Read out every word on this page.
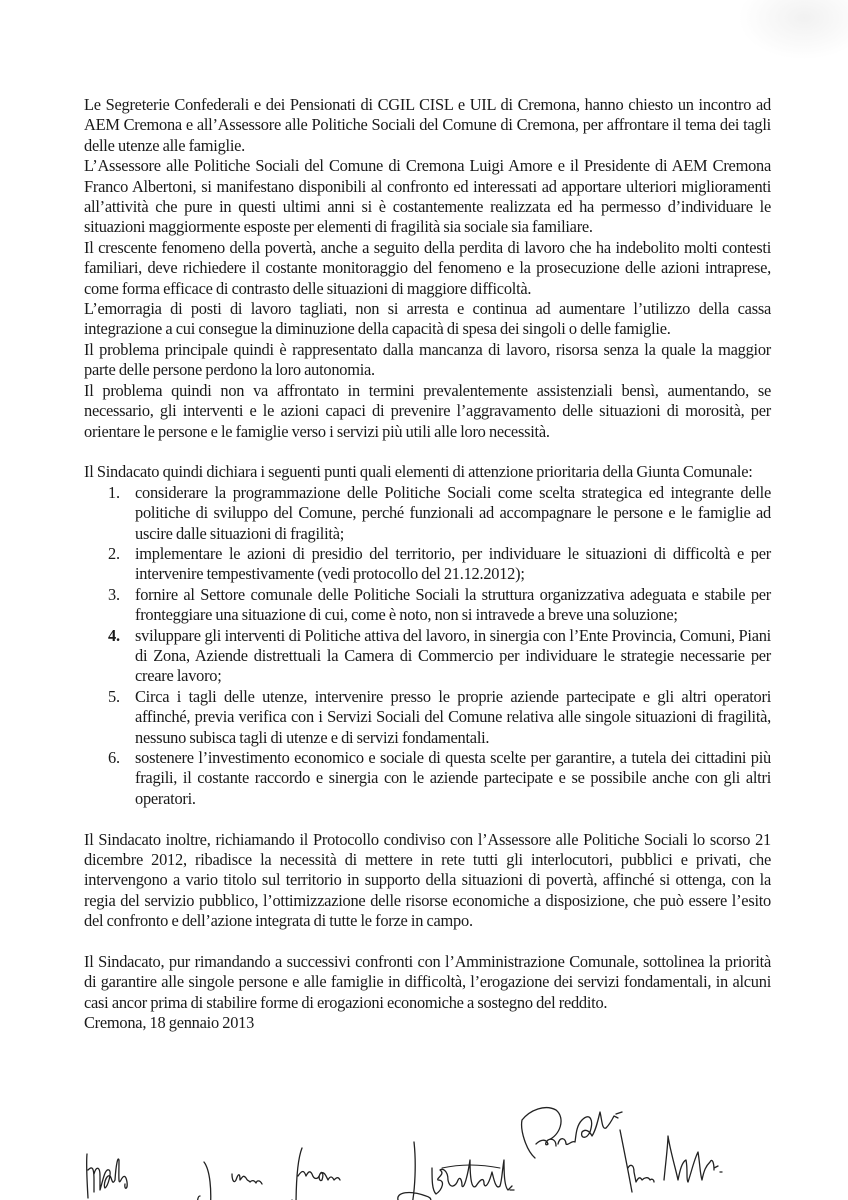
Le Segreterie Confederali e dei Pensionati di CGIL CISL e UIL di Cremona, hanno chiesto un incontro ad AEM Cremona e all’Assessore alle Politiche Sociali del Comune di Cremona, per affrontare il tema dei tagli delle utenze alle famiglie.

L’Assessore alle Politiche Sociali del Comune di Cremona Luigi Amore e il Presidente di AEM Cremona Franco Albertoni, si manifestano disponibili al confronto ed interessati ad apportare ulteriori miglioramenti all’attività che pure in questi ultimi anni si è costantemente realizzata ed ha permesso d’individuare le situazioni maggiormente esposte per elementi di fragilità sia sociale sia familiare.

Il crescente fenomeno della povertà, anche a seguito della perdita di lavoro che ha indebolito molti contesti familiari, deve richiedere il costante monitoraggio del fenomeno e la prosecuzione delle azioni intraprese, come forma efficace di contrasto delle situazioni di maggiore difficoltà.

L’emorragia di posti di lavoro tagliati, non si arresta e continua ad aumentare l’utilizzo della cassa integrazione a cui consegue la diminuzione della capacità di spesa dei singoli o delle famiglie.

Il problema principale quindi è rappresentato dalla mancanza di lavoro, risorsa senza la quale la maggior parte delle persone perdono la loro autonomia.

Il problema quindi non va affrontato in termini prevalentemente assistenziali bensì, aumentando, se necessario, gli interventi e le azioni capaci di prevenire l’aggravamento delle situazioni di morosità, per orientare le persone e le famiglie verso i servizi più utili alle loro necessità.

Il Sindacato quindi dichiara i seguenti punti quali elementi di attenzione prioritaria della Giunta Comunale:

1. considerare la programmazione delle Politiche Sociali come scelta strategica ed integrante delle politiche di sviluppo del Comune, perché funzionali ad accompagnare le persone e le famiglie ad uscire dalle situazioni di fragilità;
2. implementare le azioni di presidio del territorio, per individuare le situazioni di difficoltà e per intervenire tempestivamente (vedi protocollo del 21.12.2012);
3. fornire al Settore comunale delle Politiche Sociali la struttura organizzativa adeguata e stabile per fronteggiare una situazione di cui, come è noto, non si intravede a breve una soluzione;
4. sviluppare gli interventi di Politiche attiva del lavoro, in sinergia con l’Ente Provincia, Comuni, Piani di Zona, Aziende distrettuali la Camera di Commercio per individuare le strategie necessarie per creare lavoro;
5. Circa i tagli delle utenze, intervenire presso le proprie aziende partecipate e gli altri operatori affinché, previa verifica con i Servizi Sociali del Comune relativa alle singole situazioni di fragilità, nessuno subisca tagli di utenze e di servizi fondamentali.
6. sostenere l’investimento economico e sociale di questa scelte per garantire, a tutela dei cittadini più fragili, il costante raccordo e sinergia con le aziende partecipate e se possibile anche con gli altri operatori.

Il Sindacato inoltre, richiamando il Protocollo condiviso con l’Assessore alle Politiche Sociali lo scorso 21 dicembre 2012, ribadisce la necessità di mettere in rete tutti gli interlocutori, pubblici e privati, che intervengono a vario titolo sul territorio in supporto della situazioni di povertà, affinché si ottenga, con la regia del servizio pubblico, l’ottimizzazione delle risorse economiche a disposizione, che può essere l’esito del confronto e dell’azione integrata di tutte le forze in campo.

Il Sindacato, pur rimandando a successivi confronti con l’Amministrazione Comunale, sottolinea la priorità di garantire alle singole persone e alle famiglie in difficoltà, l’erogazione dei servizi fondamentali, in alcuni casi ancor prima di stabilire forme di erogazioni economiche a sostegno del reddito.

Cremona, 18 gennaio 2013
